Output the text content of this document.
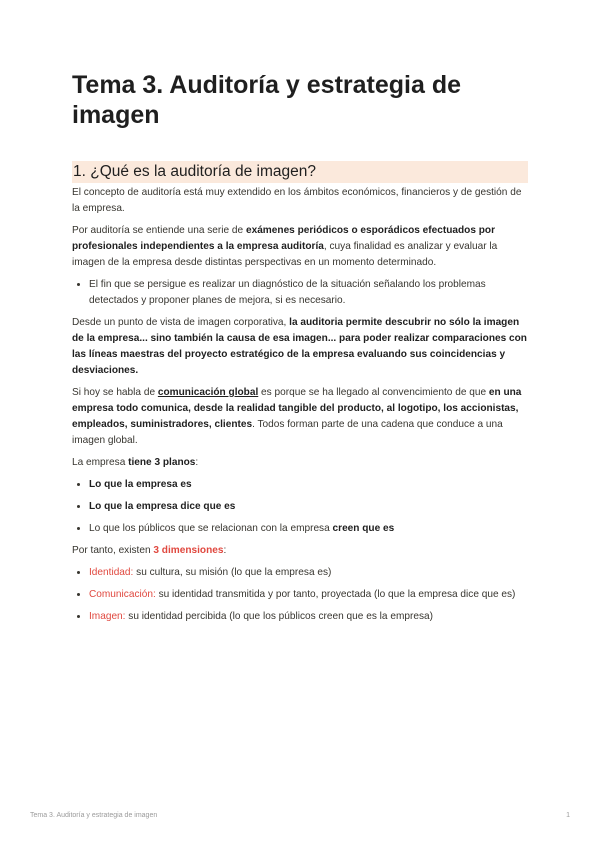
Tema 3. Auditoría y estrategia de imagen
1. ¿Qué es la auditoría de imagen?

El concepto de auditoría está muy extendido en los ámbitos económicos, financieros y de gestión de la empresa.

Por auditoría se entiende una serie de exámenes periódicos o esporádicos efectuados por profesionales independientes a la empresa auditoría, cuya finalidad es analizar y evaluar la imagen de la empresa desde distintas perspectivas en un momento determinado.

• El fin que se persigue es realizar un diagnóstico de la situación señalando los problemas detectados y proponer planes de mejora, si es necesario.

Desde un punto de vista de imagen corporativa, la auditoria permite descubrir no sólo la imagen de la empresa... sino también la causa de esa imagen... para poder realizar comparaciones con las líneas maestras del proyecto estratégico de la empresa evaluando sus coincidencias y desviaciones.

Si hoy se habla de comunicación global es porque se ha llegado al convencimiento de que en una empresa todo comunica, desde la realidad tangible del producto, al logotipo, los accionistas, empleados, suministradores, clientes. Todos forman parte de una cadena que conduce a una imagen global.

La empresa tiene 3 planos:

• Lo que la empresa es
• Lo que la empresa dice que es
• Lo que los públicos que se relacionan con la empresa creen que es

Por tanto, existen 3 dimensiones:

• Identidad: su cultura, su misión (lo que la empresa es)
• Comunicación: su identidad transmitida y por tanto, proyectada (lo que la empresa dice que es)
• Imagen: su identidad percibida (lo que los públicos creen que es la empresa)
Tema 3. Auditoría y estrategia de imagen	1
